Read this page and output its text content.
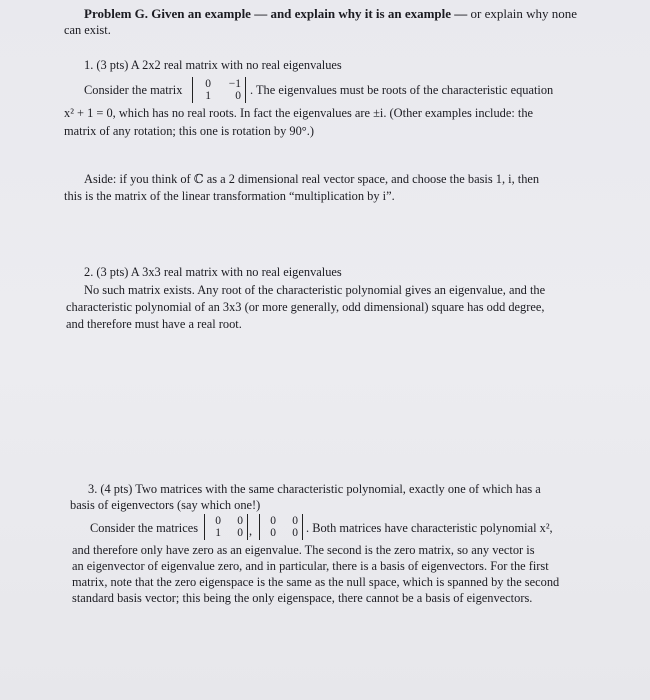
Problem G. Given an example — and explain why it is an example — or explain why none
can exist.
1. (3 pts) A 2x2 real matrix with no real eigenvalues
Consider the matrix	0	−1
1	0 . The eigenvalues must be roots of the characteristic equation
x² + 1 = 0, which has no real roots. In fact the eigenvalues are ±i. (Other examples include: the
matrix of any rotation; this one is rotation by 90°.)
Aside: if you think of ℂ as a 2 dimensional real vector space, and choose the basis 1, i, then
this is the matrix of the linear transformation “multiplication by i”.
2. (3 pts) A 3x3 real matrix with no real eigenvalues
No such matrix exists. Any root of the characteristic polynomial gives an eigenvalue, and the
characteristic polynomial of an 3x3 (or more generally, odd dimensional) square has odd degree,
and therefore must have a real root.
3. (4 pts) Two matrices with the same characteristic polynomial, exactly one of which has a
basis of eigenvectors (say which one!)
Consider the matrices	0	0
1	0 ,
0	0
0	0 . Both matrices have characteristic polynomial x²,
and therefore only have zero as an eigenvalue. The second is the zero matrix, so any vector is
an eigenvector of eigenvalue zero, and in particular, there is a basis of eigenvectors. For the first
matrix, note that the zero eigenspace is the same as the null space, which is spanned by the second
standard basis vector; this being the only eigenspace, there cannot be a basis of eigenvectors.
